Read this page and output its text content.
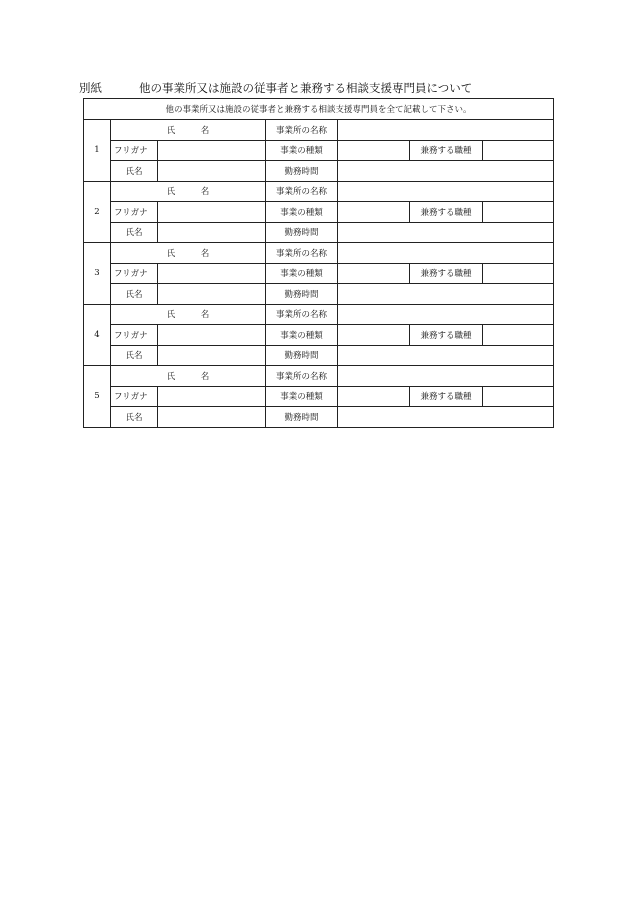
別紙	他の事業所又は施設の従事者と兼務する相談支援専門員について
他の事業所又は施設の従事者と兼務する相談支援専門員を全て記載して下さい。						
1	氏　　　名		事業所の名称			
	フリガナ		事業の種類		兼務する職種	
	氏名		勤務時間			
2	氏　　　名		事業所の名称			
	フリガナ		事業の種類		兼務する職種	
	氏名		勤務時間			
3	氏　　　名		事業所の名称			
	フリガナ		事業の種類		兼務する職種	
	氏名		勤務時間			
4	氏　　　名		事業所の名称			
	フリガナ		事業の種類		兼務する職種	
	氏名		勤務時間			
5	氏　　　名		事業所の名称			
	フリガナ		事業の種類		兼務する職種	
	氏名		勤務時間			
